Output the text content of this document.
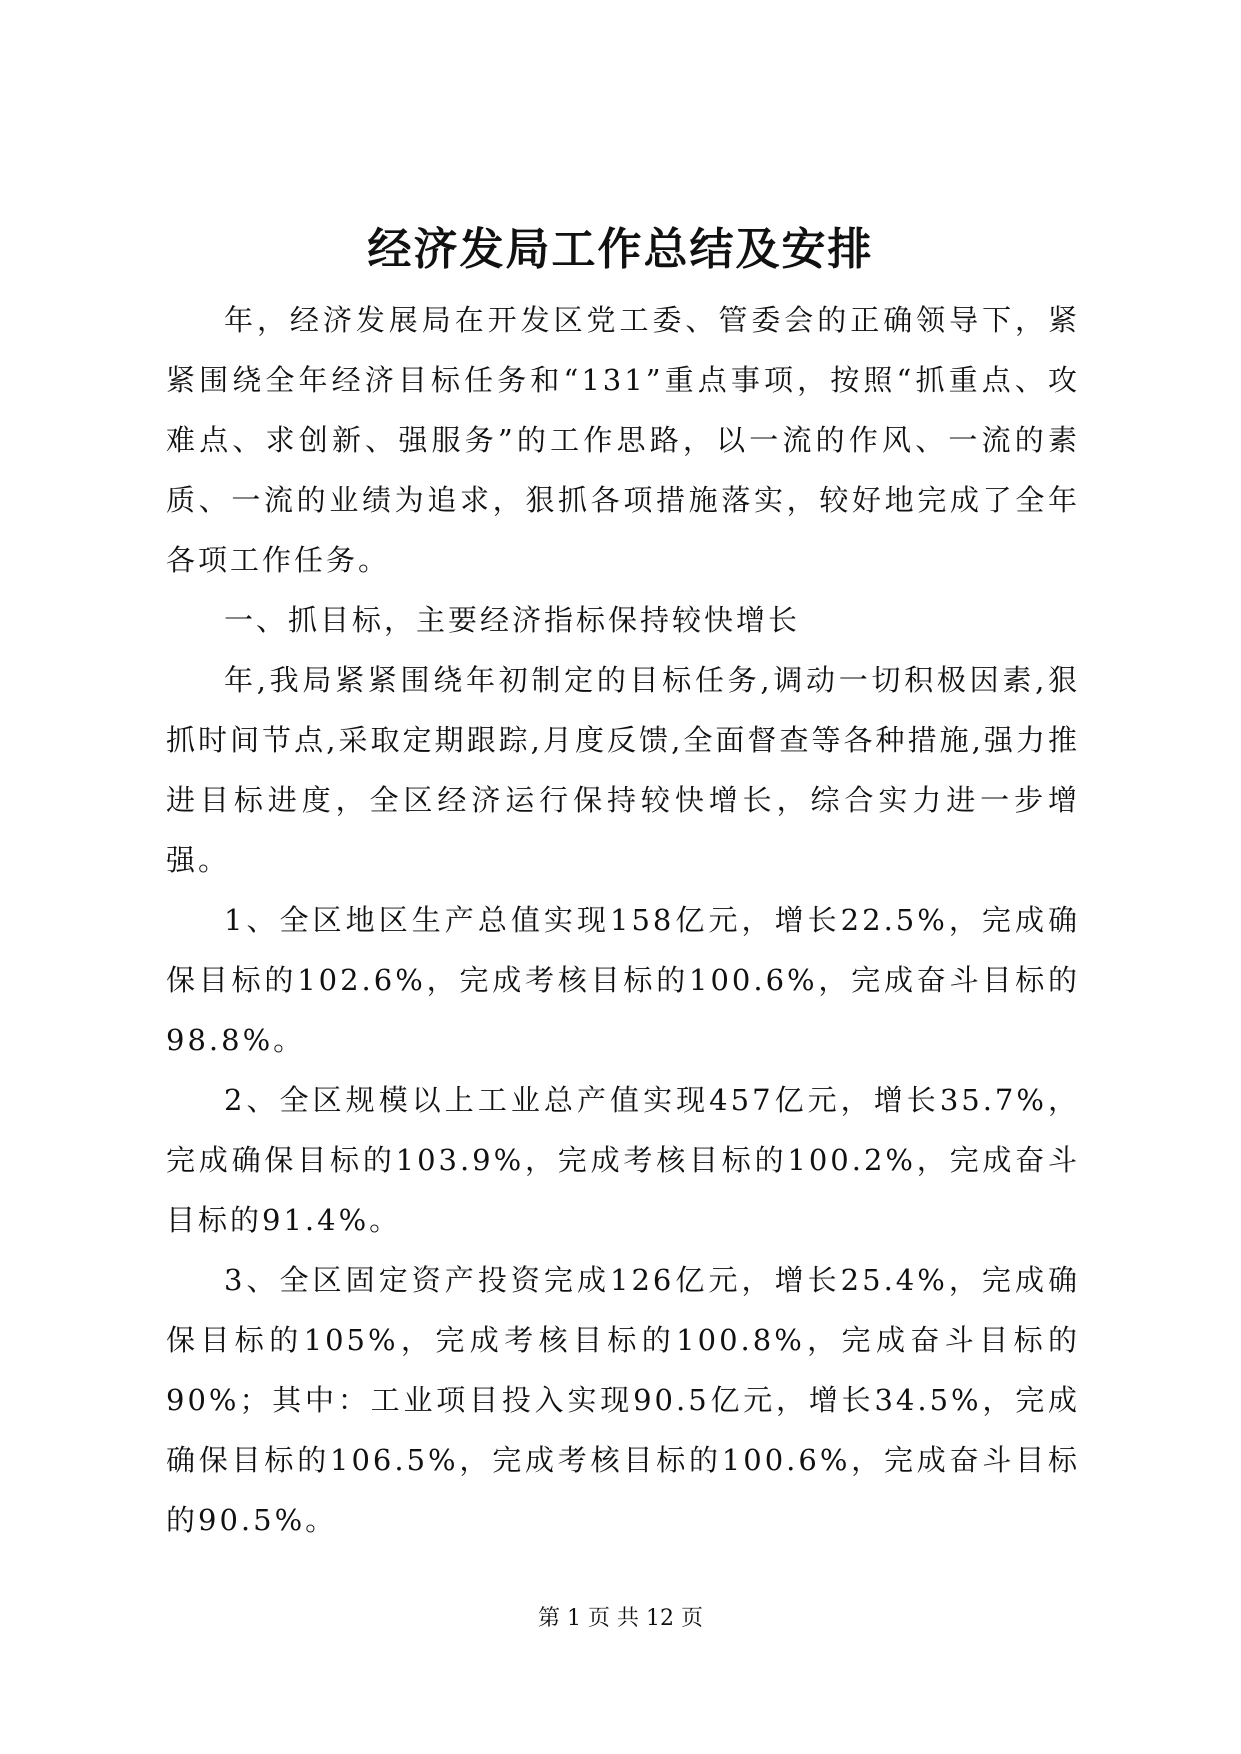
经济发局工作总结及安排

年，经济发展局在开发区党工委、管委会的正确领导下，紧紧围绕全年经济目标任务和“131”重点事项，按照“抓重点、攻难点、求创新、强服务”的工作思路，以一流的作风、一流的素质、一流的业绩为追求，狠抓各项措施落实，较好地完成了全年各项工作任务。

一、抓目标，主要经济指标保持较快增长

年,我局紧紧围绕年初制定的目标任务,调动一切积极因素,狠抓时间节点,采取定期跟踪,月度反馈,全面督查等各种措施,强力推进目标进度，全区经济运行保持较快增长，综合实力进一步增强。

1、全区地区生产总值实现158亿元，增长22.5%，完成确保目标的102.6%，完成考核目标的100.6%，完成奋斗目标的98.8%。

2、全区规模以上工业总产值实现457亿元，增长35.7%，完成确保目标的103.9%，完成考核目标的100.2%，完成奋斗目标的91.4%。

3、全区固定资产投资完成126亿元，增长25.4%，完成确保目标的105%，完成考核目标的100.8%，完成奋斗目标的90%；其中：工业项目投入实现90.5亿元，增长34.5%，完成确保目标的106.5%，完成考核目标的100.6%，完成奋斗目标的90.5%。

第 1 页 共 12 页
